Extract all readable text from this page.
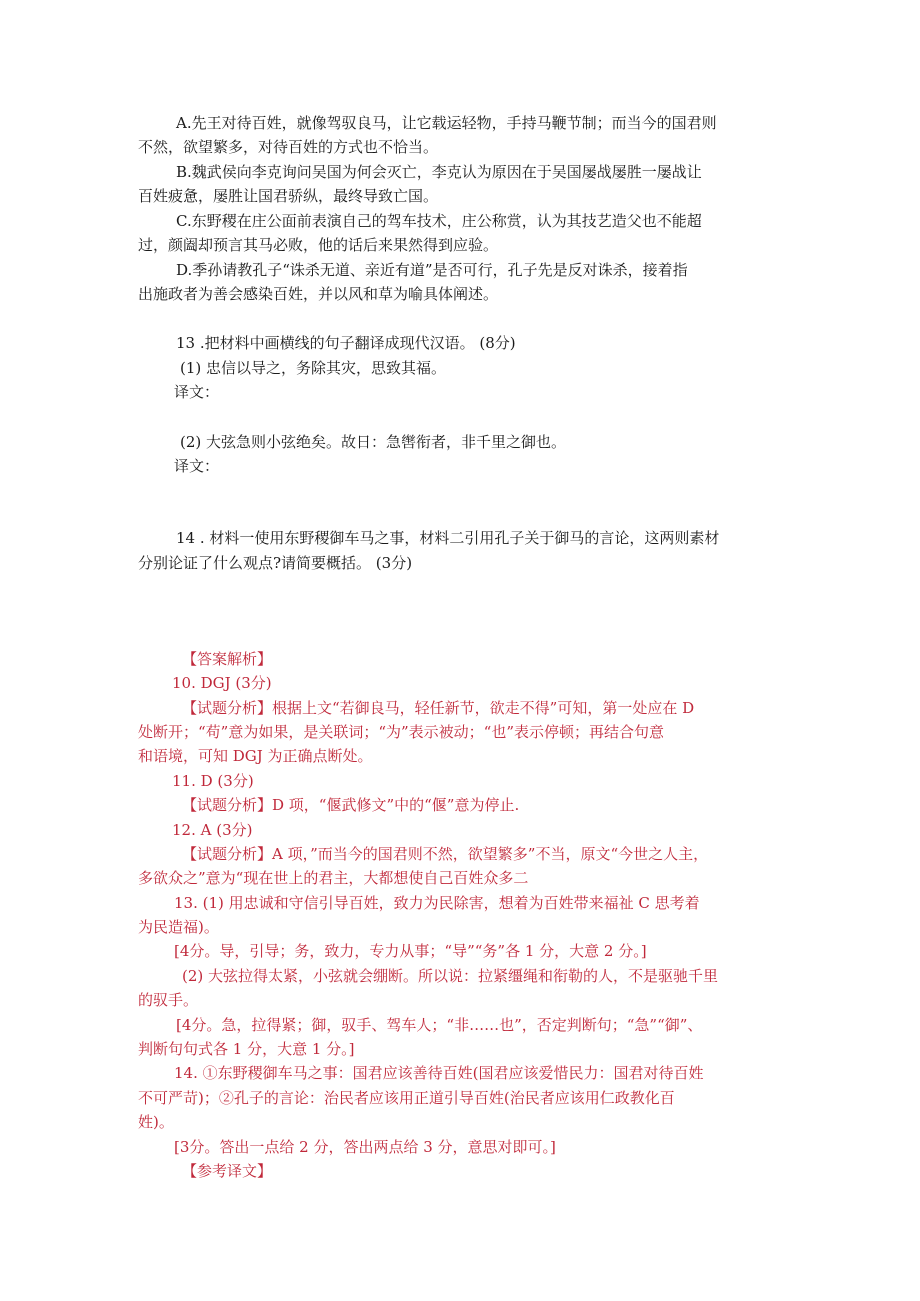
A.先王对待百姓，就像驾驭良马，让它载运轻物，手持马鞭节制；而当今的国君则
不然，欲望繁多，对待百姓的方式也不恰当。
B.魏武侯向李克询问吴国为何会灭亡，李克认为原因在于吴国屡战屡胜一屡战让
百姓疲惫，屡胜让国君骄纵，最终导致亡国。
C.东野稷在庄公面前表演自己的驾车技术，庄公称赏，认为其技艺造父也不能超
过，颜阖却预言其马必败，他的话后来果然得到应验。
D.季孙请教孔子“诛杀无道、亲近有道”是否可行，孔子先是反对诛杀，接着指
出施政者为善会感染百姓，并以风和草为喻具体阐述。
13 .把材料中画横线的句子翻译成现代汉语。 (8分)
(1) 忠信以导之，务除其灾，思致其福。
译文：
(2) 大弦急则小弦绝矣。故日：急辔衔者，非千里之御也。
译文：
14 . 材料一使用东野稷御车马之事，材料二引用孔子关于御马的言论，这两则素材
分别论证了什么观点?请简要概括。 (3分)
【答案解析】
10. DGJ (3分)
【试题分析】根据上文“若御良马，轻任新节，欲走不得”可知，第一处应在 D
处断开；“苟”意为如果，是关联词；“为”表示被动；“也”表示停顿；再结合句意
和语境，可知 DGJ 为正确点断处。
11. D (3分)
【试题分析】D 项，“偃武修文”中的“偃”意为停止.
12. A (3分)
【试题分析】A 项，”而当今的国君则不然，欲望繁多”不当，原文“今世之人主，
多欲众之”意为“现在世上的君主，大都想使自己百姓众多二
13. (1) 用忠诚和守信引导百姓，致力为民除害，想着为百姓带来福祉 C 思考着
为民造福)。
[4分。导，引导；务，致力，专力从事；“导”“务”各 1 分，大意 2 分。]
(2) 大弦拉得太紧，小弦就会绷断。所以说：拉紧缰绳和衔勒的人，不是驱驰千里
的驭手。
[4分。急，拉得紧；御，驭手、驾车人；“非……也”，否定判断句；“急”“御”、
判断句句式各 1 分，大意 1 分。]
14. ①东野稷御车马之事：国君应该善待百姓(国君应该爱惜民力：国君对待百姓
不可严苛)；②孔子的言论：治民者应该用正道引导百姓(治民者应该用仁政教化百
姓)。
[3分。答出一点给 2 分，答出两点给 3 分，意思对即可。]
【参考译文】
